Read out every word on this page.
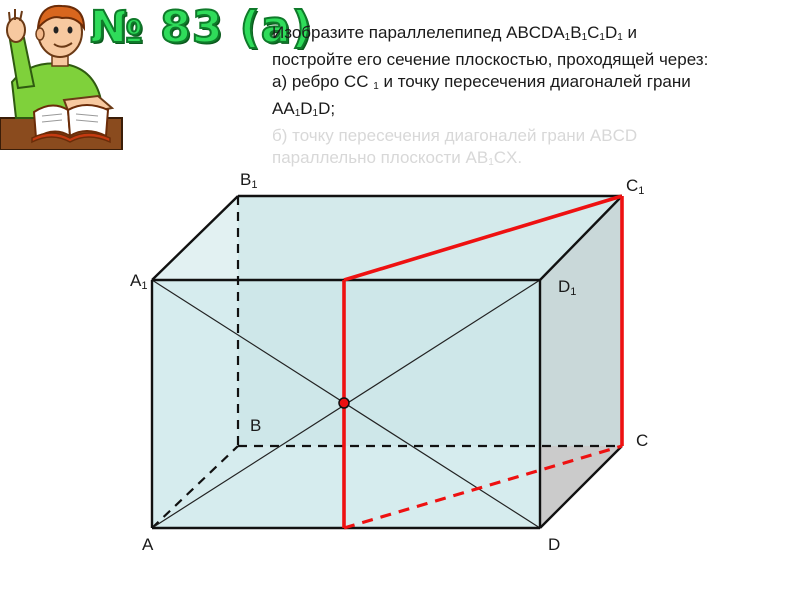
№ 83 (а)
Изобразите параллелепипед $ABCDA_1B_1C_1D_1$ и
постройте его сечение плоскостью, проходящей через:
а) ребро CC $_1$ и точку пересечения диагоналей грани
$AA_1D_1D$;
б) точку пересечения диагоналей грани ABCD
параллельно плоскости $AB_1CX$.
$B_1$	$C_1$
$A_1$	$D_1$
B
C
A	D
